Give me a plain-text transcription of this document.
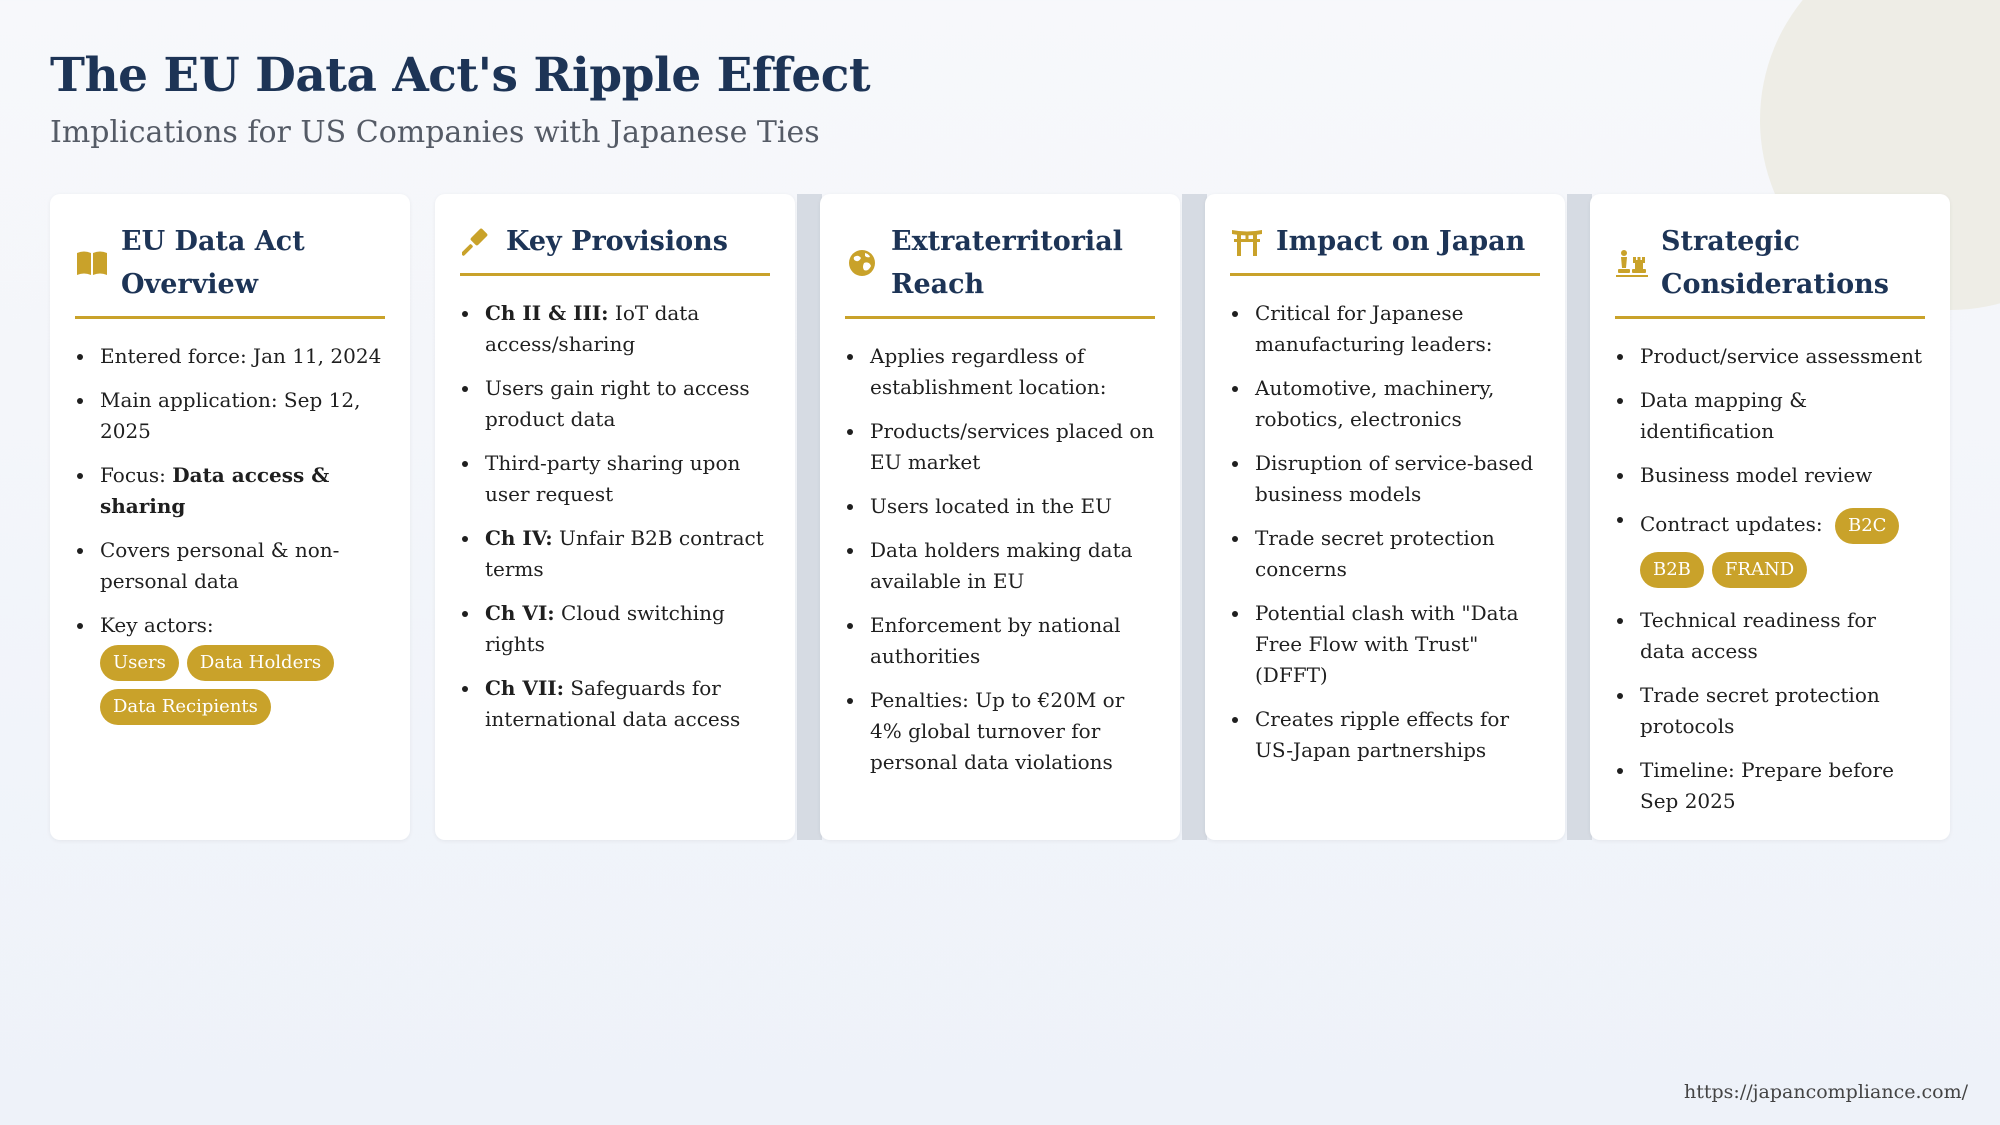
The EU Data Act's Ripple Effect
Implications for US Companies with Japanese Ties
EU Data Act Overview
Entered force: Jan 11, 2024
Main application: Sep 12, 2025
Focus: Data access & sharing
Covers personal & non-personal data
Key actors:
Users Data HoldersData Recipients
Key Provisions
Ch II & III: IoT data access/sharing
Users gain right to access product data
Third-party sharing upon user request
Ch IV: Unfair B2B contract terms
Ch VI: Cloud switching rights
Ch VII: Safeguards for international data access
Extraterritorial Reach
Applies regardless of establishment location:
Products/services placed on EU market
Users located in the EU
Data holders making data available in EU
Enforcement by national authorities
Penalties: Up to €20M or 4% global turnover for personal data violations
Impact on Japan
Critical for Japanese manufacturing leaders:
Automotive, machinery, robotics, electronics
Disruption of service-based business models
Trade secret protection concerns
Potential clash with "Data Free Flow with Trust" (DFFT)
Creates ripple effects for US-Japan partnerships
Strategic Considerations
Product/service assessment
Data mapping & identification
Business model review
Contract updates: B2CB2B FRAND
Technical readiness for data access
Trade secret protection protocols
Timeline: Prepare before Sep 2025
https://japancompliance.com/
